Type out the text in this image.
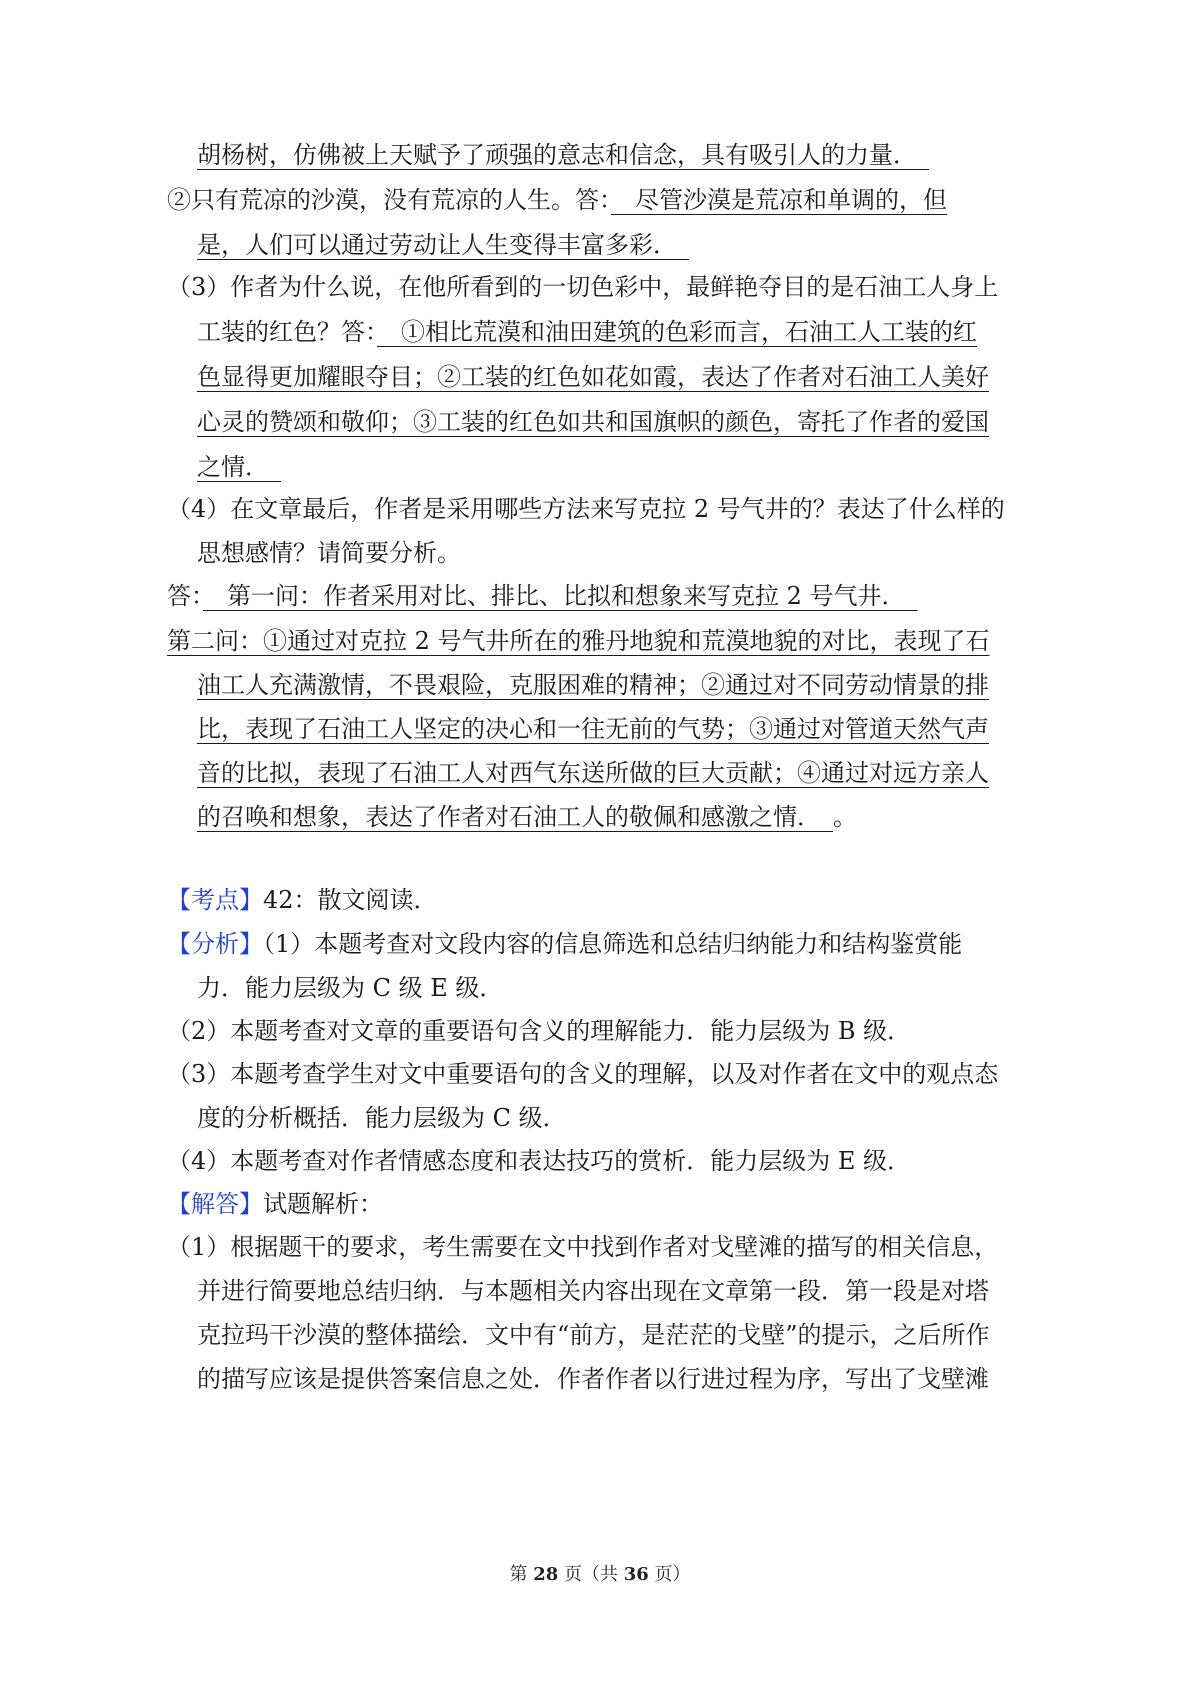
胡杨树，仿佛被上天赋予了顽强的意志和信念，具有吸引人的力量．　
②只有荒凉的沙漠，没有荒凉的人生。答：　 尽管沙漠是荒凉和单调的，但
是，人们可以通过劳动让人生变得丰富多彩．　
（3）作者为什么说，在他所看到的一切色彩中，最鲜艳夺目的是石油工人身上
工装的红色？答：　 ①相比荒漠和油田建筑的色彩而言，石油工人工装的红
色显得更加耀眼夺目；②工装的红色如花如霞，表达了作者对石油工人美好
心灵的赞颂和敬仰；③工装的红色如共和国旗帜的颜色，寄托了作者的爱国
之情．　
（4）在文章最后，作者是采用哪些方法来写克拉 2 号气井的？表达了什么样的
思想感情？请简要分析。
答：　 第一问：作者采用对比、排比、比拟和想象来写克拉 2 号气井．　
第二问：①通过对克拉 2 号气井所在的雅丹地貌和荒漠地貌的对比，表现了石
油工人充满激情，不畏艰险，克服困难的精神；②通过对不同劳动情景的排
比，表现了石油工人坚定的决心和一往无前的气势；③通过对管道天然气声
音的比拟，表现了石油工人对西气东送所做的巨大贡献；④通过对远方亲人
的召唤和想象，表达了作者对石油工人的敬佩和感激之情．　 。
【考点】42：散文阅读．
【分析】（1）本题考查对文段内容的信息筛选和总结归纳能力和结构鉴赏能
力．能力层级为 C 级 E 级．
（2）本题考查对文章的重要语句含义的理解能力．能力层级为 B 级．
（3）本题考查学生对文中重要语句的含义的理解，以及对作者在文中的观点态
度的分析概括．能力层级为 C 级．
（4）本题考查对作者情感态度和表达技巧的赏析．能力层级为 E 级．
【解答】试题解析：
（1）根据题干的要求，考生需要在文中找到作者对戈壁滩的描写的相关信息，
并进行简要地总结归纳．与本题相关内容出现在文章第一段．第一段是对塔
克拉玛干沙漠的整体描绘．文中有“前方，是茫茫的戈壁”的提示，之后所作
的描写应该是提供答案信息之处．作者作者以行进过程为序，写出了戈壁滩
第 28 页（共 36 页）
